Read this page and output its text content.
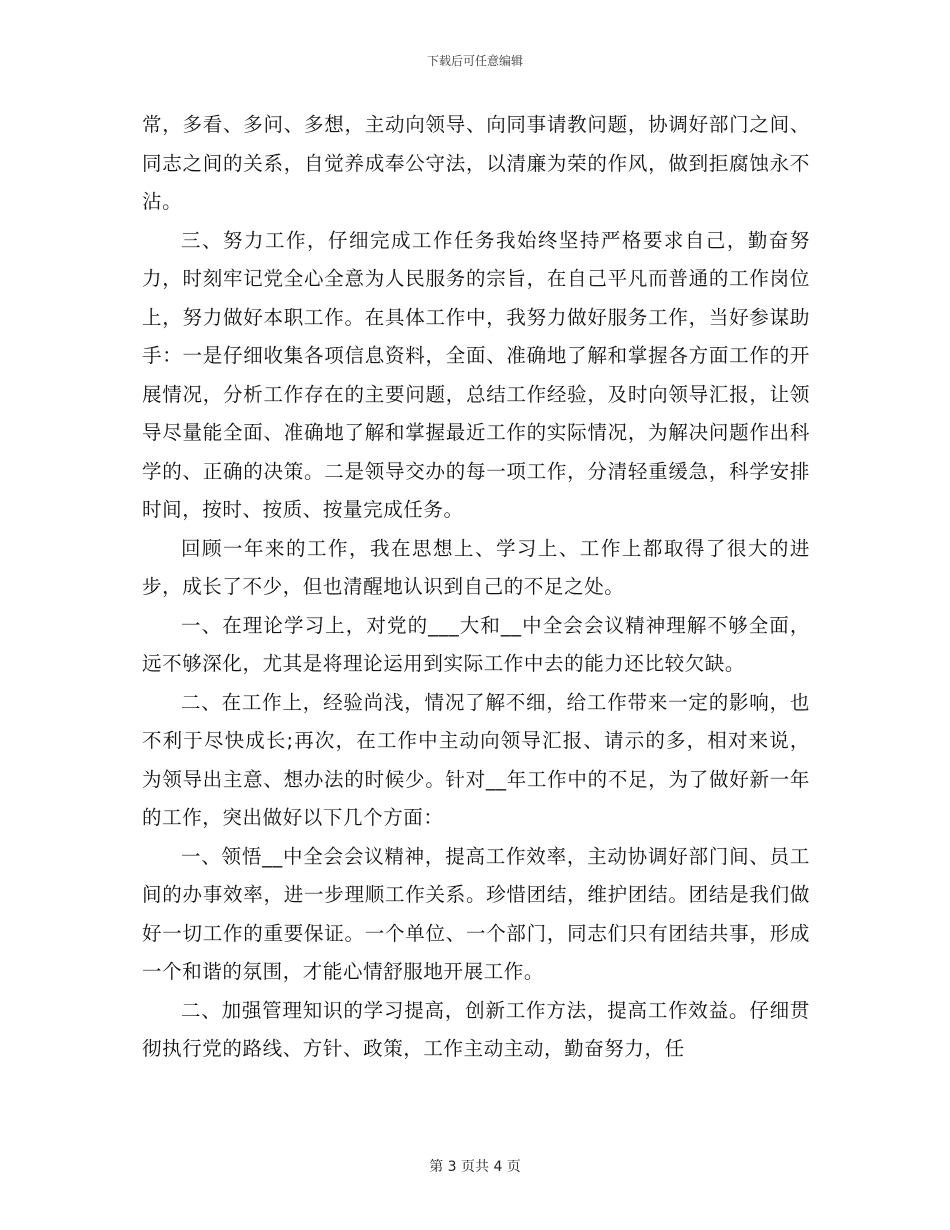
下载后可任意编辑

常，多看、多问、多想，主动向领导、向同事请教问题，协调好部门之间、同志之间的关系，自觉养成奉公守法，以清廉为荣的作风，做到拒腐蚀永不沾。

三、努力工作，仔细完成工作任务我始终坚持严格要求自己，勤奋努力，时刻牢记党全心全意为人民服务的宗旨，在自己平凡而普通的工作岗位上，努力做好本职工作。在具体工作中，我努力做好服务工作，当好参谋助手：一是仔细收集各项信息资料，全面、准确地了解和掌握各方面工作的开展情况，分析工作存在的主要问题，总结工作经验，及时向领导汇报，让领导尽量能全面、准确地了解和掌握最近工作的实际情况，为解决问题作出科学的、正确的决策。二是领导交办的每一项工作，分清轻重缓急，科学安排时间，按时、按质、按量完成任务。

回顾一年来的工作，我在思想上、学习上、工作上都取得了很大的进步，成长了不少，但也清醒地认识到自己的不足之处。

一、在理论学习上，对党的___大和__中全会会议精神理解不够全面，远不够深化，尤其是将理论运用到实际工作中去的能力还比较欠缺。

二、在工作上，经验尚浅，情况了解不细，给工作带来一定的影响，也不利于尽快成长;再次，在工作中主动向领导汇报、请示的多，相对来说，为领导出主意、想办法的时候少。针对__年工作中的不足，为了做好新一年的工作，突出做好以下几个方面：

一、领悟__中全会会议精神，提高工作效率，主动协调好部门间、员工间的办事效率，进一步理顺工作关系。珍惜团结，维护团结。团结是我们做好一切工作的重要保证。一个单位、一个部门，同志们只有团结共事，形成一个和谐的氛围，才能心情舒服地开展工作。

二、加强管理知识的学习提高，创新工作方法，提高工作效益。仔细贯彻执行党的路线、方针、政策，工作主动主动，勤奋努力，任

第 3 页共 4 页
